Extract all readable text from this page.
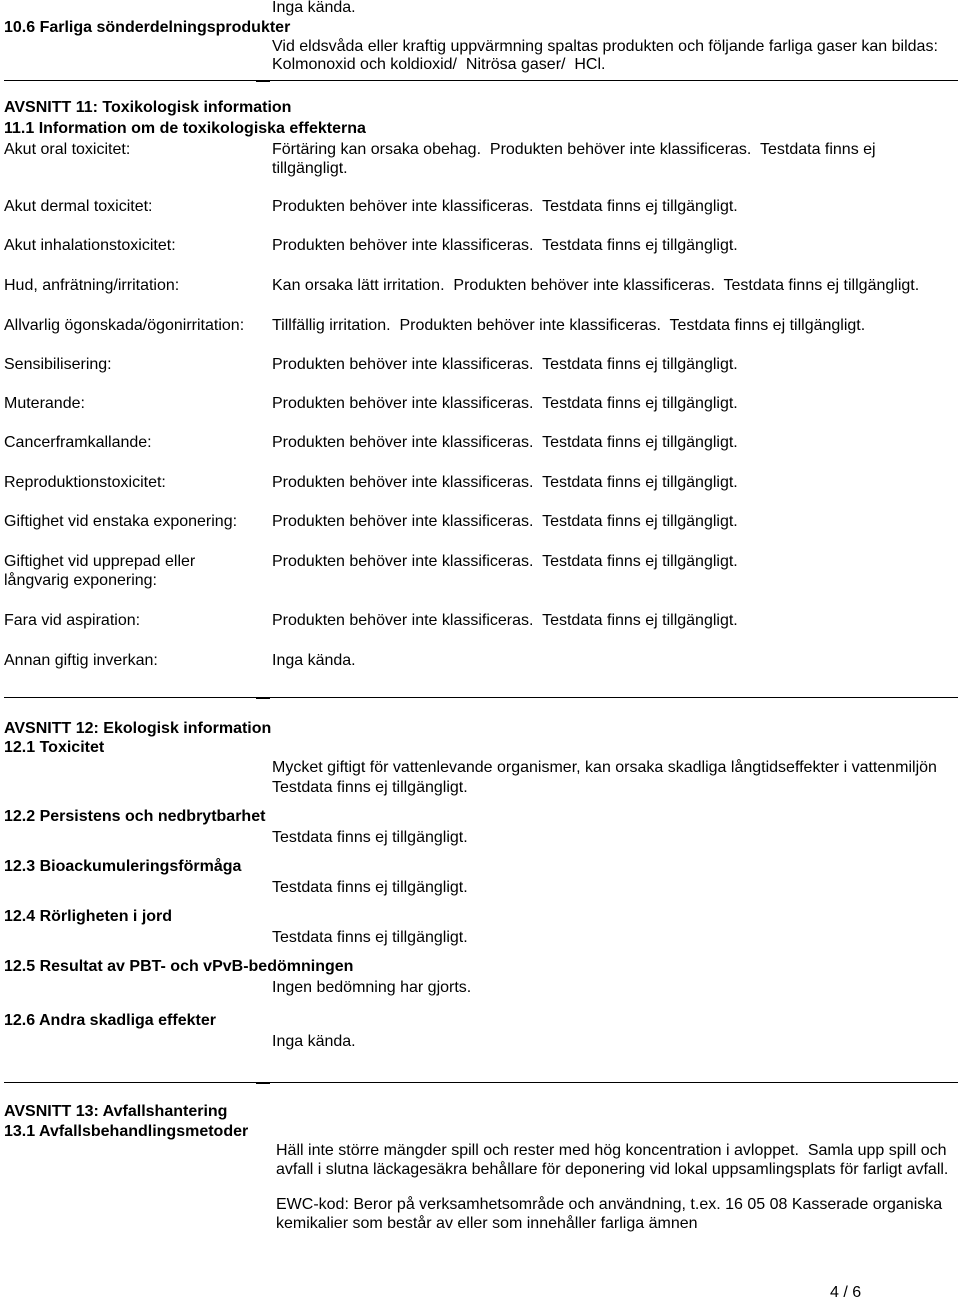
Inga kända.
10.6 Farliga sönderdelningsprodukter
Vid eldsvåda eller kraftig uppvärmning spaltas produkten och följande farliga gaser kan bildas:
Kolmonoxid och koldioxid/  Nitrösa gaser/  HCl.
AVSNITT 11: Toxikologisk information
11.1 Information om de toxikologiska effekterna
Akut oral toxicitet:	Förtäring kan orsaka obehag.  Produkten behöver inte klassificeras.  Testdata finns ej
tillgängligt.
Akut dermal toxicitet:	Produkten behöver inte klassificeras.  Testdata finns ej tillgängligt.
Akut inhalationstoxicitet:	Produkten behöver inte klassificeras.  Testdata finns ej tillgängligt.
Hud, anfrätning/irritation:	Kan orsaka lätt irritation.  Produkten behöver inte klassificeras.  Testdata finns ej tillgängligt.
Allvarlig ögonskada/ögonirritation: Tillfällig irritation.  Produkten behöver inte klassificeras.  Testdata finns ej tillgängligt.
Sensibilisering:	Produkten behöver inte klassificeras.  Testdata finns ej tillgängligt.
Muterande:	Produkten behöver inte klassificeras.  Testdata finns ej tillgängligt.
Cancerframkallande:	Produkten behöver inte klassificeras.  Testdata finns ej tillgängligt.
Reproduktionstoxicitet:	Produkten behöver inte klassificeras.  Testdata finns ej tillgängligt.
Giftighet vid enstaka exponering: Produkten behöver inte klassificeras.  Testdata finns ej tillgängligt.
Giftighet vid upprepad eller
långvarig exponering:
Produkten behöver inte klassificeras.  Testdata finns ej tillgängligt.
Fara vid aspiration:	Produkten behöver inte klassificeras.  Testdata finns ej tillgängligt.
Annan giftig inverkan:	Inga kända.
AVSNITT 12: Ekologisk information
12.1 Toxicitet
Mycket giftigt för vattenlevande organismer, kan orsaka skadliga långtidseffekter i vattenmiljön
Testdata finns ej tillgängligt.
12.2 Persistens och nedbrytbarhet
Testdata finns ej tillgängligt.
12.3 Bioackumuleringsförmåga
Testdata finns ej tillgängligt.
12.4 Rörligheten i jord
Testdata finns ej tillgängligt.
12.5 Resultat av PBT- och vPvB-bedömningen
Ingen bedömning har gjorts.
12.6 Andra skadliga effekter
Inga kända.
AVSNITT 13: Avfallshantering
13.1 Avfallsbehandlingsmetoder
Häll inte större mängder spill och rester med hög koncentration i avloppet.  Samla upp spill och
avfall i slutna läckagesäkra behållare för deponering vid lokal uppsamlingsplats för farligt avfall.
EWC-kod: Beror på verksamhetsområde och användning, t.ex. 16 05 08 Kasserade organiska
kemikalier som består av eller som innehåller farliga ämnen
4 / 6
